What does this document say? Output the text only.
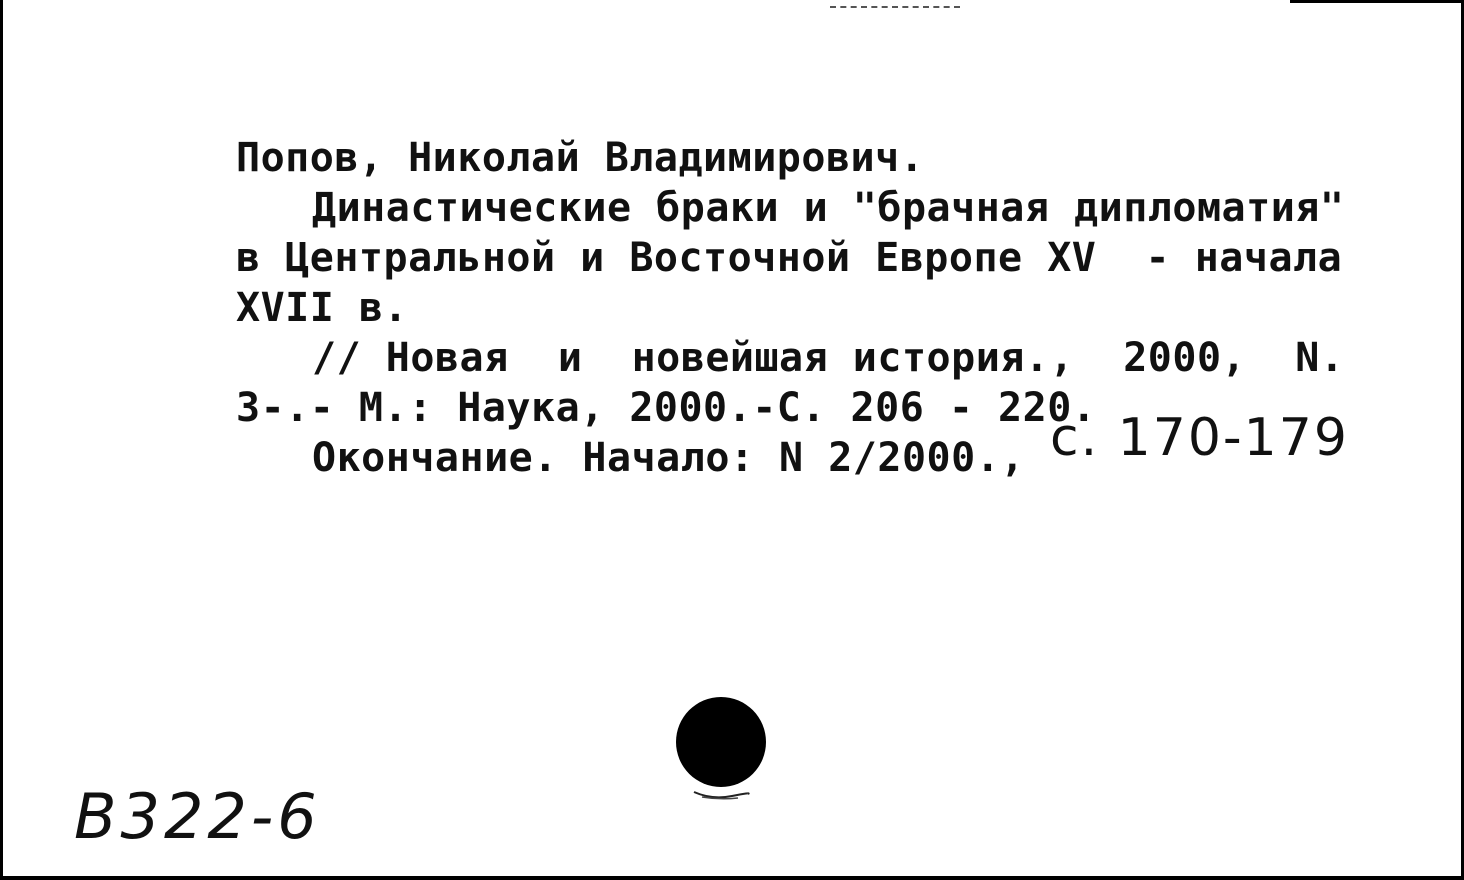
Попов, Николай Владимирович.
Династические браки и "брачная дипломатия"
в Центральной и Восточной Европе XV  - начала
XVII в.
// Новая  и  новейшая история.,  2000,  N.
3-.- М.: Наука, 2000.-С. 206 - 220.
Окончание. Начало: N 2/2000., с. 170-179
В322-6
